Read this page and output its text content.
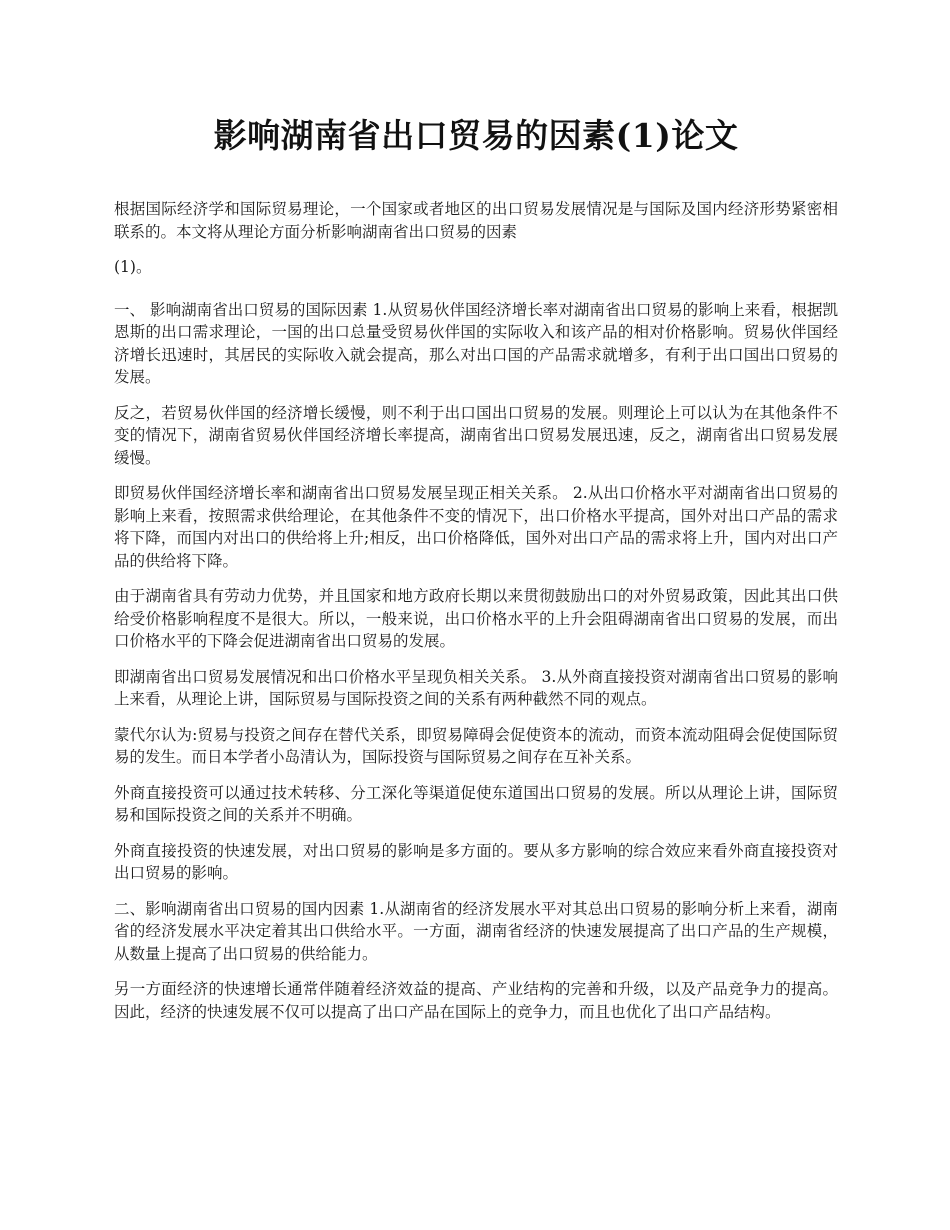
影响湖南省出口贸易的因素(1)论文

根据国际经济学和国际贸易理论，一个国家或者地区的出口贸易发展情况是与国际及国内经济形势紧密相联系的。本文将从理论方面分析影响湖南省出口贸易的因素

(1)。

一、 影响湖南省出口贸易的国际因素 1.从贸易伙伴国经济增长率对湖南省出口贸易的影响上来看，根据凯恩斯的出口需求理论，一国的出口总量受贸易伙伴国的实际收入和该产品的相对价格影响。贸易伙伴国经济增长迅速时，其居民的实际收入就会提高，那么对出口国的产品需求就增多，有利于出口国出口贸易的发展。

反之，若贸易伙伴国的经济增长缓慢，则不利于出口国出口贸易的发展。则理论上可以认为在其他条件不变的情况下，湖南省贸易伙伴国经济增长率提高，湖南省出口贸易发展迅速，反之，湖南省出口贸易发展缓慢。

即贸易伙伴国经济增长率和湖南省出口贸易发展呈现正相关关系。 2.从出口价格水平对湖南省出口贸易的影响上来看，按照需求供给理论，在其他条件不变的情况下，出口价格水平提高，国外对出口产品的需求将下降，而国内对出口的供给将上升;相反，出口价格降低，国外对出口产品的需求将上升，国内对出口产品的供给将下降。

由于湖南省具有劳动力优势，并且国家和地方政府长期以来贯彻鼓励出口的对外贸易政策，因此其出口供给受价格影响程度不是很大。所以，一般来说，出口价格水平的上升会阻碍湖南省出口贸易的发展，而出口价格水平的下降会促进湖南省出口贸易的发展。

即湖南省出口贸易发展情况和出口价格水平呈现负相关关系。 3.从外商直接投资对湖南省出口贸易的影响上来看，从理论上讲，国际贸易与国际投资之间的关系有两种截然不同的观点。

蒙代尔认为:贸易与投资之间存在替代关系，即贸易障碍会促使资本的流动，而资本流动阻碍会促使国际贸易的发生。而日本学者小岛清认为，国际投资与国际贸易之间存在互补关系。

外商直接投资可以通过技术转移、分工深化等渠道促使东道国出口贸易的发展。所以从理论上讲，国际贸易和国际投资之间的关系并不明确。

外商直接投资的快速发展，对出口贸易的影响是多方面的。要从多方影响的综合效应来看外商直接投资对出口贸易的影响。

二、影响湖南省出口贸易的国内因素 1.从湖南省的经济发展水平对其总出口贸易的影响分析上来看，湖南省的经济发展水平决定着其出口供给水平。一方面，湖南省经济的快速发展提高了出口产品的生产规模，从数量上提高了出口贸易的供给能力。

另一方面经济的快速增长通常伴随着经济效益的提高、产业结构的完善和升级，以及产品竞争力的提高。因此，经济的快速发展不仅可以提高了出口产品在国际上的竞争力，而且也优化了出口产品结构。
